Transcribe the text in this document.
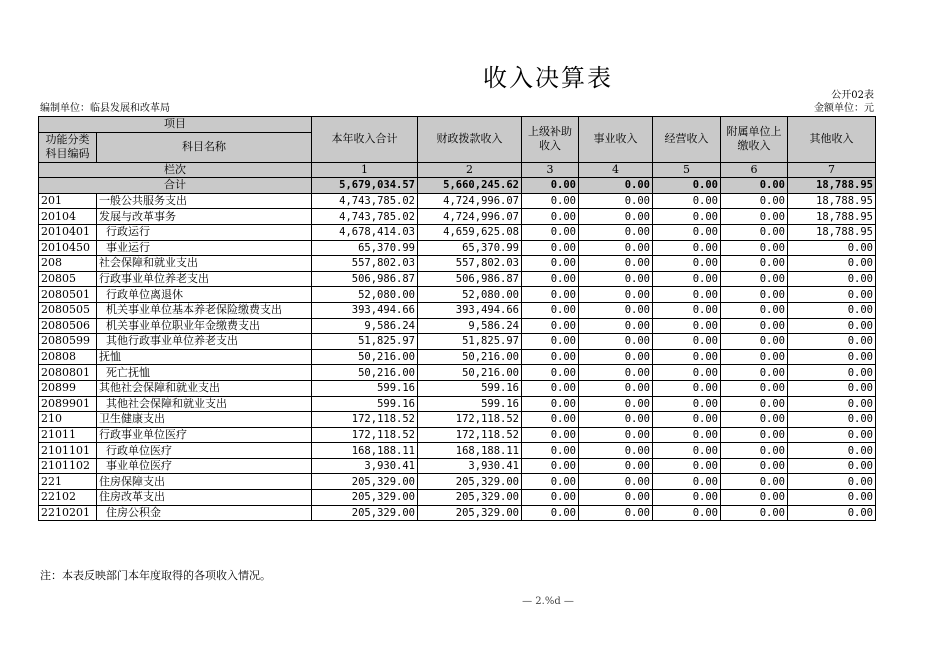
收入决算表
公开02表
编制单位：临县发展和改革局	金额单位：元
项目		本年收入合计	财政拨款收入	上级补助收入	事业收入	经营收入	附属单位上缴收入	其他收入
功能分类科目编码	科目名称							
栏次		1	2	3	4	5	6	7
合计		5,679,034.57	5,660,245.62	0.00	0.00	0.00	0.00	18,788.95
201	一般公共服务支出	4,743,785.02	4,724,996.07	0.00	0.00	0.00	0.00	18,788.95
20104	发展与改革事务	4,743,785.02	4,724,996.07	0.00	0.00	0.00	0.00	18,788.95
2010401	行政运行	4,678,414.03	4,659,625.08	0.00	0.00	0.00	0.00	18,788.95
2010450	事业运行	65,370.99	65,370.99	0.00	0.00	0.00	0.00	0.00
208	社会保障和就业支出	557,802.03	557,802.03	0.00	0.00	0.00	0.00	0.00
20805	行政事业单位养老支出	506,986.87	506,986.87	0.00	0.00	0.00	0.00	0.00
2080501	行政单位离退休	52,080.00	52,080.00	0.00	0.00	0.00	0.00	0.00
2080505	机关事业单位基本养老保险缴费支出	393,494.66	393,494.66	0.00	0.00	0.00	0.00	0.00
2080506	机关事业单位职业年金缴费支出	9,586.24	9,586.24	0.00	0.00	0.00	0.00	0.00
2080599	其他行政事业单位养老支出	51,825.97	51,825.97	0.00	0.00	0.00	0.00	0.00
20808	抚恤	50,216.00	50,216.00	0.00	0.00	0.00	0.00	0.00
2080801	死亡抚恤	50,216.00	50,216.00	0.00	0.00	0.00	0.00	0.00
20899	其他社会保障和就业支出	599.16	599.16	0.00	0.00	0.00	0.00	0.00
2089901	其他社会保障和就业支出	599.16	599.16	0.00	0.00	0.00	0.00	0.00
210	卫生健康支出	172,118.52	172,118.52	0.00	0.00	0.00	0.00	0.00
21011	行政事业单位医疗	172,118.52	172,118.52	0.00	0.00	0.00	0.00	0.00
2101101	行政单位医疗	168,188.11	168,188.11	0.00	0.00	0.00	0.00	0.00
2101102	事业单位医疗	3,930.41	3,930.41	0.00	0.00	0.00	0.00	0.00
221	住房保障支出	205,329.00	205,329.00	0.00	0.00	0.00	0.00	0.00
22102	住房改革支出	205,329.00	205,329.00	0.00	0.00	0.00	0.00	0.00
2210201	住房公积金	205,329.00	205,329.00	0.00	0.00	0.00	0.00	0.00
注：本表反映部门本年度取得的各项收入情况。
— 2.%d —
